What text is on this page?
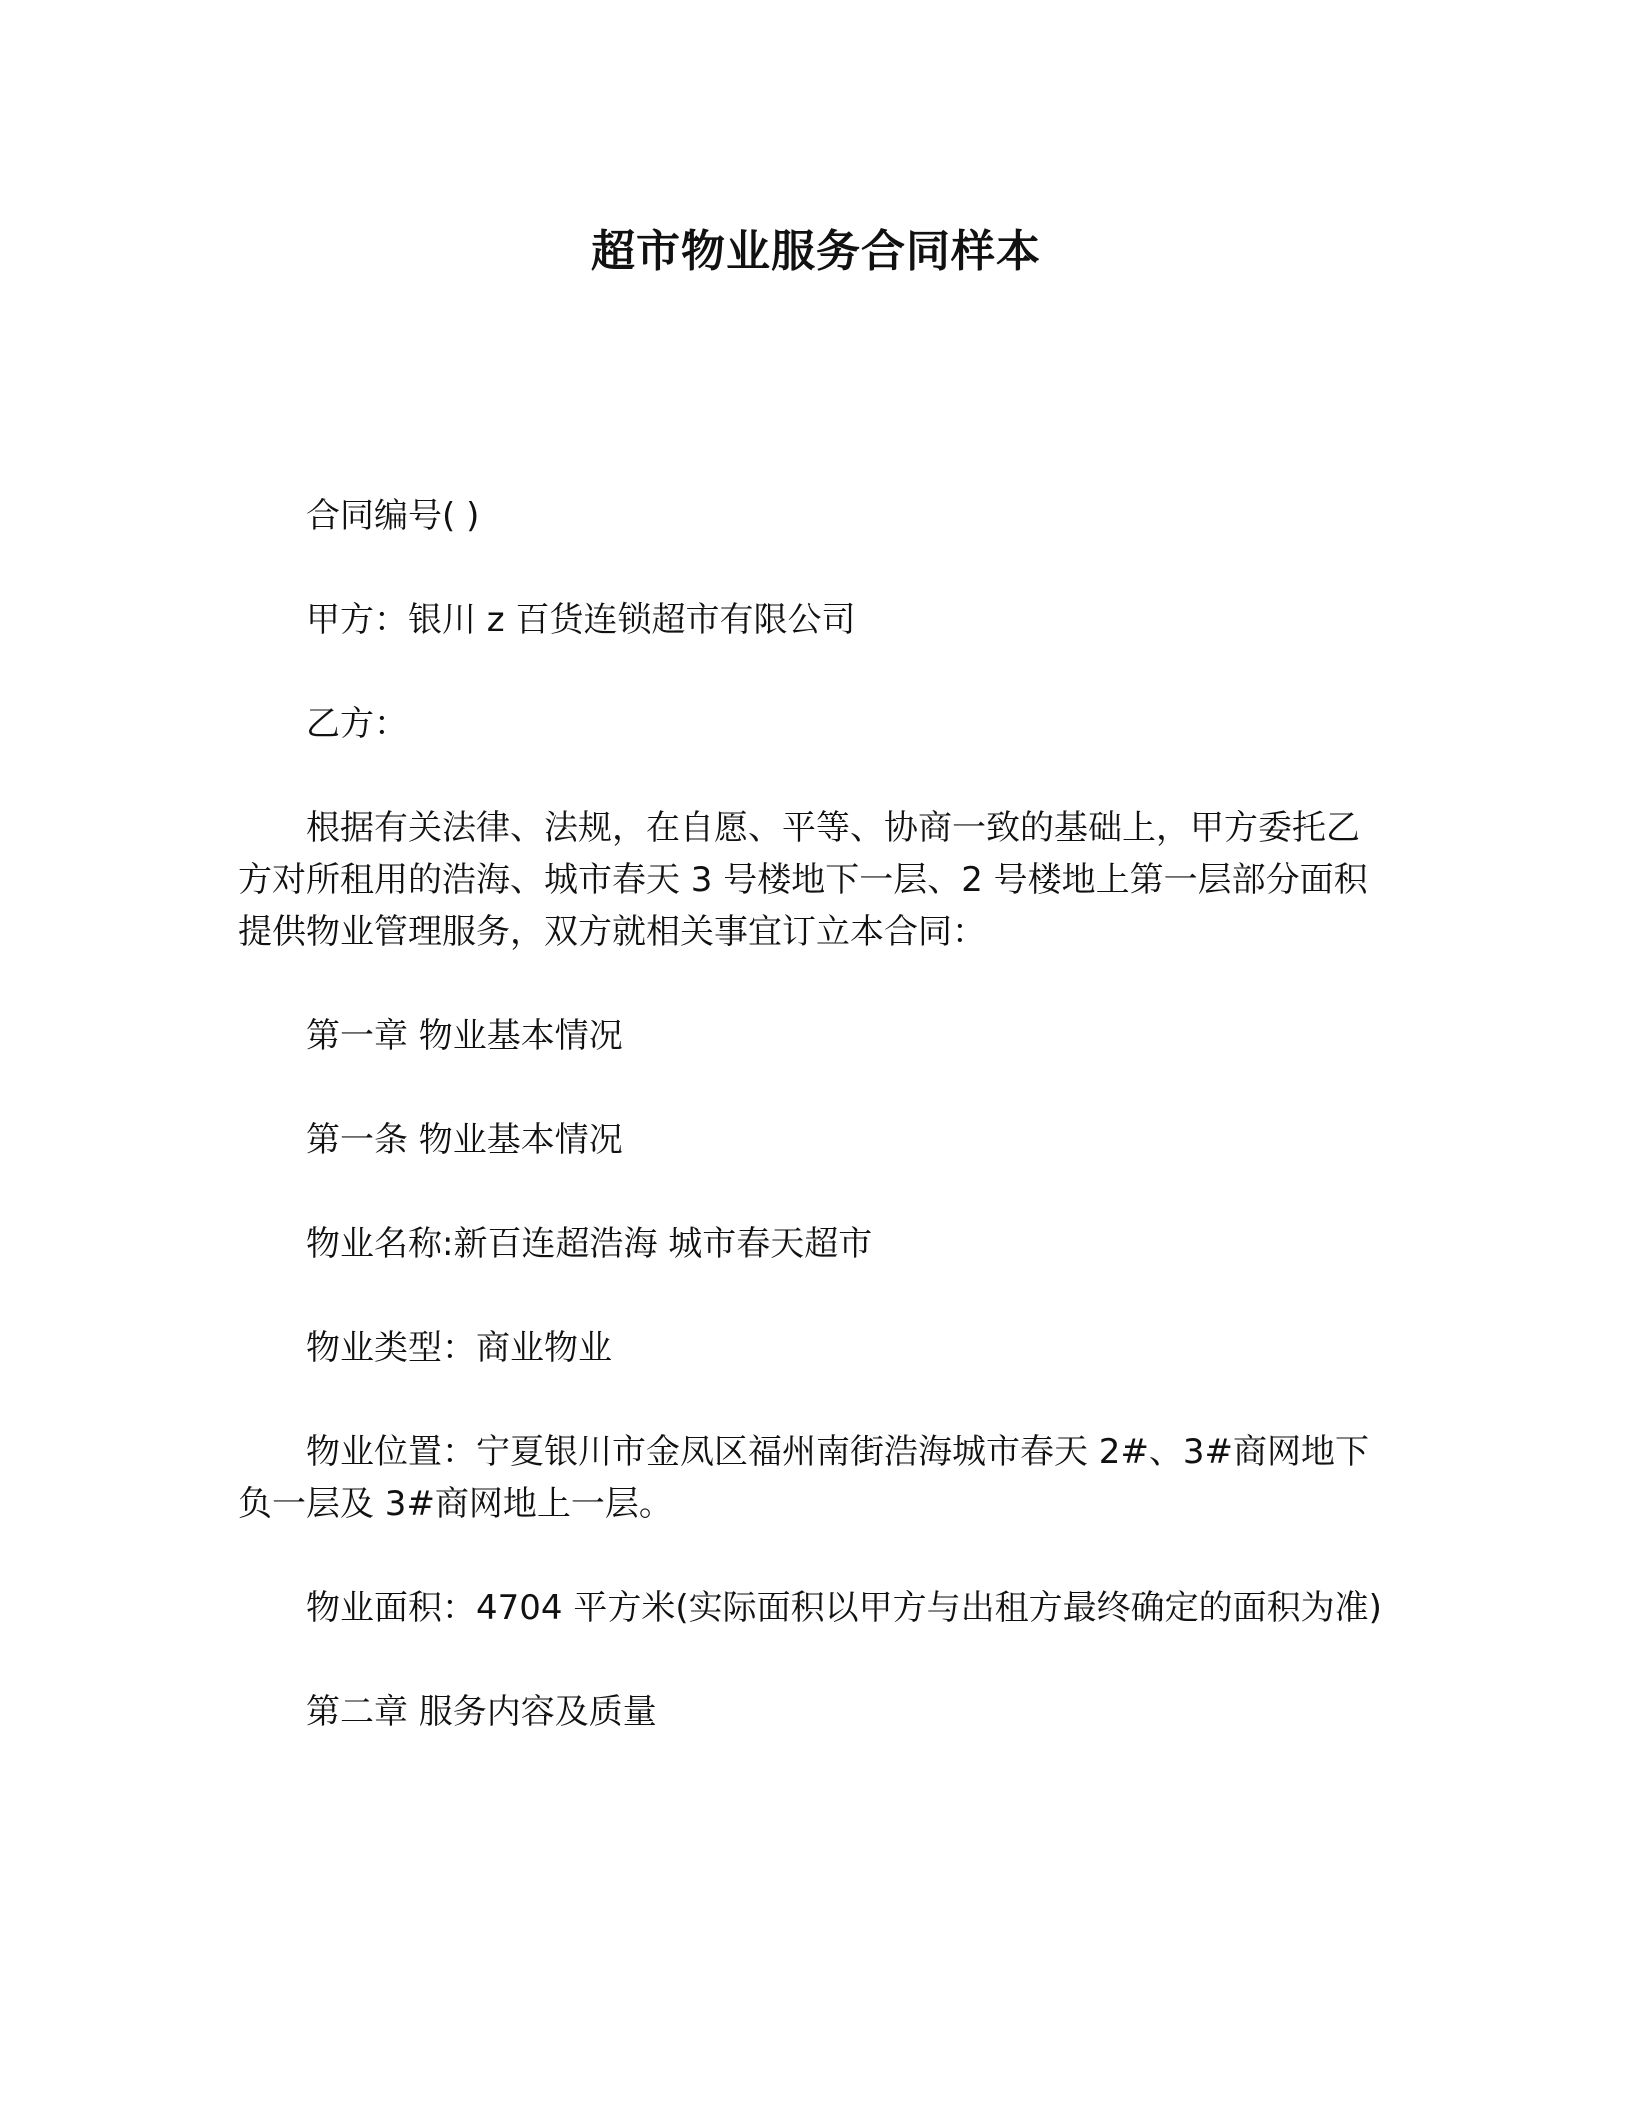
超市物业服务合同样本

合同编号( )

甲方：银川 z 百货连锁超市有限公司

乙方：

根据有关法律、法规，在自愿、平等、协商一致的基础上，甲方委托乙方对所租用的浩海、城市春天 3 号楼地下一层、2 号楼地上第一层部分面积提供物业管理服务，双方就相关事宜订立本合同：

第一章 物业基本情况

第一条 物业基本情况

物业名称:新百连超浩海 城市春天超市

物业类型：商业物业

物业位置：宁夏银川市金凤区福州南街浩海城市春天 2#、3#商网地下负一层及 3#商网地上一层。

物业面积：4704 平方米(实际面积以甲方与出租方最终确定的面积为准)

第二章 服务内容及质量
